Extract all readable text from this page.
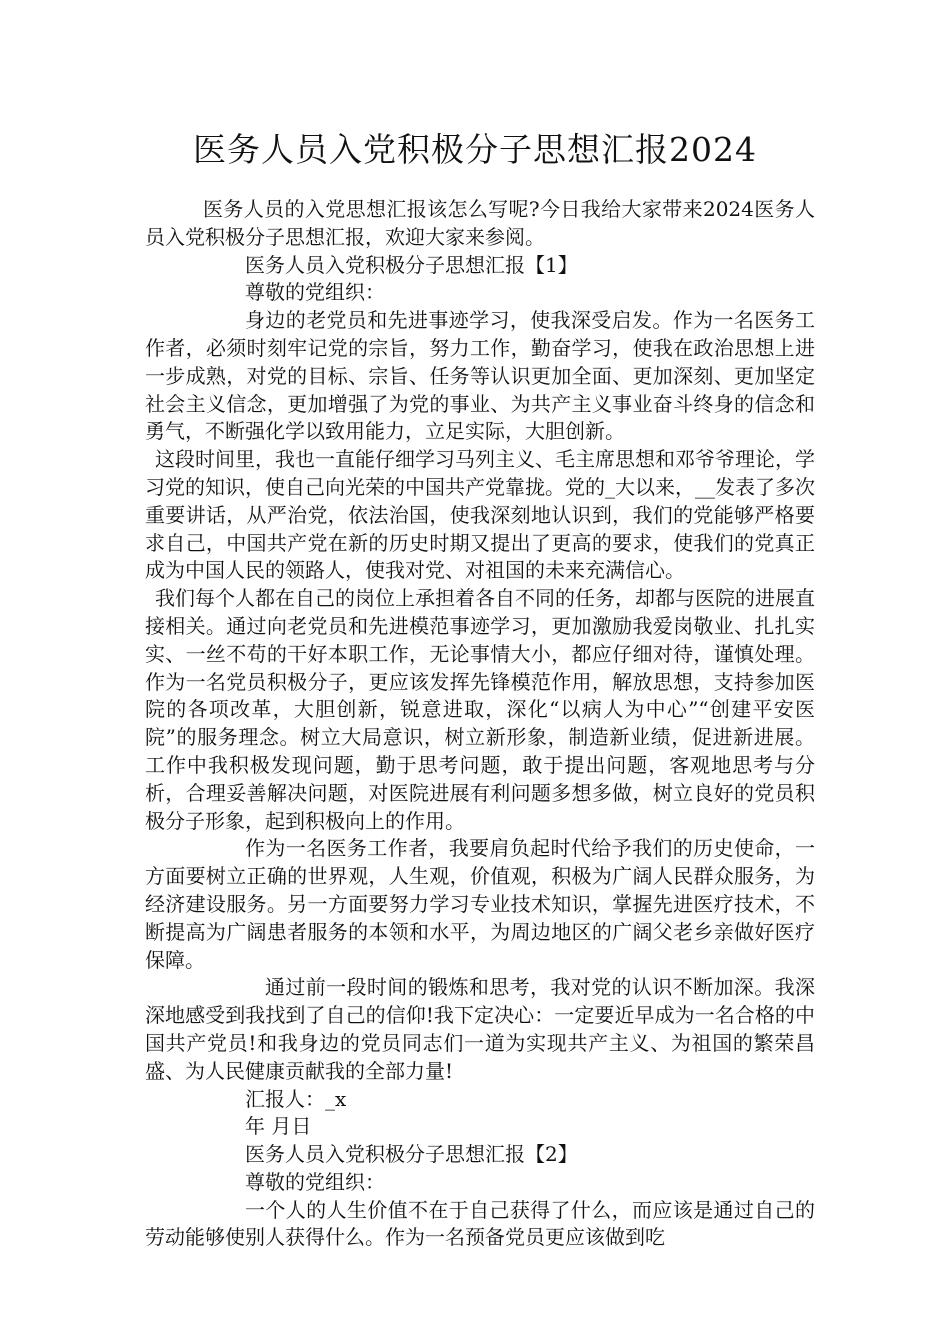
医务人员入党积极分子思想汇报2024

医务人员的入党思想汇报该怎么写呢?今日我给大家带来2024医务人员入党积极分子思想汇报，欢迎大家来参阅。

医务人员入党积极分子思想汇报【1】

尊敬的党组织：

身边的老党员和先进事迹学习，使我深受启发。作为一名医务工作者，必须时刻牢记党的宗旨，努力工作，勤奋学习，使我在政治思想上进一步成熟，对党的目标、宗旨、任务等认识更加全面、更加深刻、更加坚定社会主义信念，更加增强了为党的事业、为共产主义事业奋斗终身的信念和勇气，不断强化学以致用能力，立足实际，大胆创新。

这段时间里，我也一直能仔细学习马列主义、毛主席思想和邓爷爷理论，学习党的知识，使自己向光荣的中国共产党靠拢。党的_大以来，__发表了多次重要讲话，从严治党，依法治国，使我深刻地认识到，我们的党能够严格要求自己，中国共产党在新的历史时期又提出了更高的要求，使我们的党真正成为中国人民的领路人，使我对党、对祖国的未来充满信心。

我们每个人都在自己的岗位上承担着各自不同的任务，却都与医院的进展直接相关。通过向老党员和先进模范事迹学习，更加激励我爱岗敬业、扎扎实实、一丝不苟的干好本职工作，无论事情大小，都应仔细对待，谨慎处理。作为一名党员积极分子，更应该发挥先锋模范作用，解放思想，支持参加医院的各项改革，大胆创新，锐意进取，深化“以病人为中心”“创建平安医院”的服务理念。树立大局意识，树立新形象，制造新业绩，促进新进展。工作中我积极发现问题，勤于思考问题，敢于提出问题，客观地思考与分析，合理妥善解决问题，对医院进展有利问题多想多做，树立良好的党员积极分子形象，起到积极向上的作用。

作为一名医务工作者，我要肩负起时代给予我们的历史使命，一方面要树立正确的世界观，人生观，价值观，积极为广阔人民群众服务，为经济建设服务。另一方面要努力学习专业技术知识，掌握先进医疗技术，不断提高为广阔患者服务的本领和水平，为周边地区的广阔父老乡亲做好医疗保障。

通过前一段时间的锻炼和思考，我对党的认识不断加深。我深深地感受到我找到了自己的信仰!我下定决心：一定要近早成为一名合格的中国共产党员!和我身边的党员同志们一道为实现共产主义、为祖国的繁荣昌盛、为人民健康贡献我的全部力量!

汇报人：_x

年 月日

医务人员入党积极分子思想汇报【2】

尊敬的党组织：

一个人的人生价值不在于自己获得了什么，而应该是通过自己的劳动能够使别人获得什么。作为一名预备党员更应该做到吃
